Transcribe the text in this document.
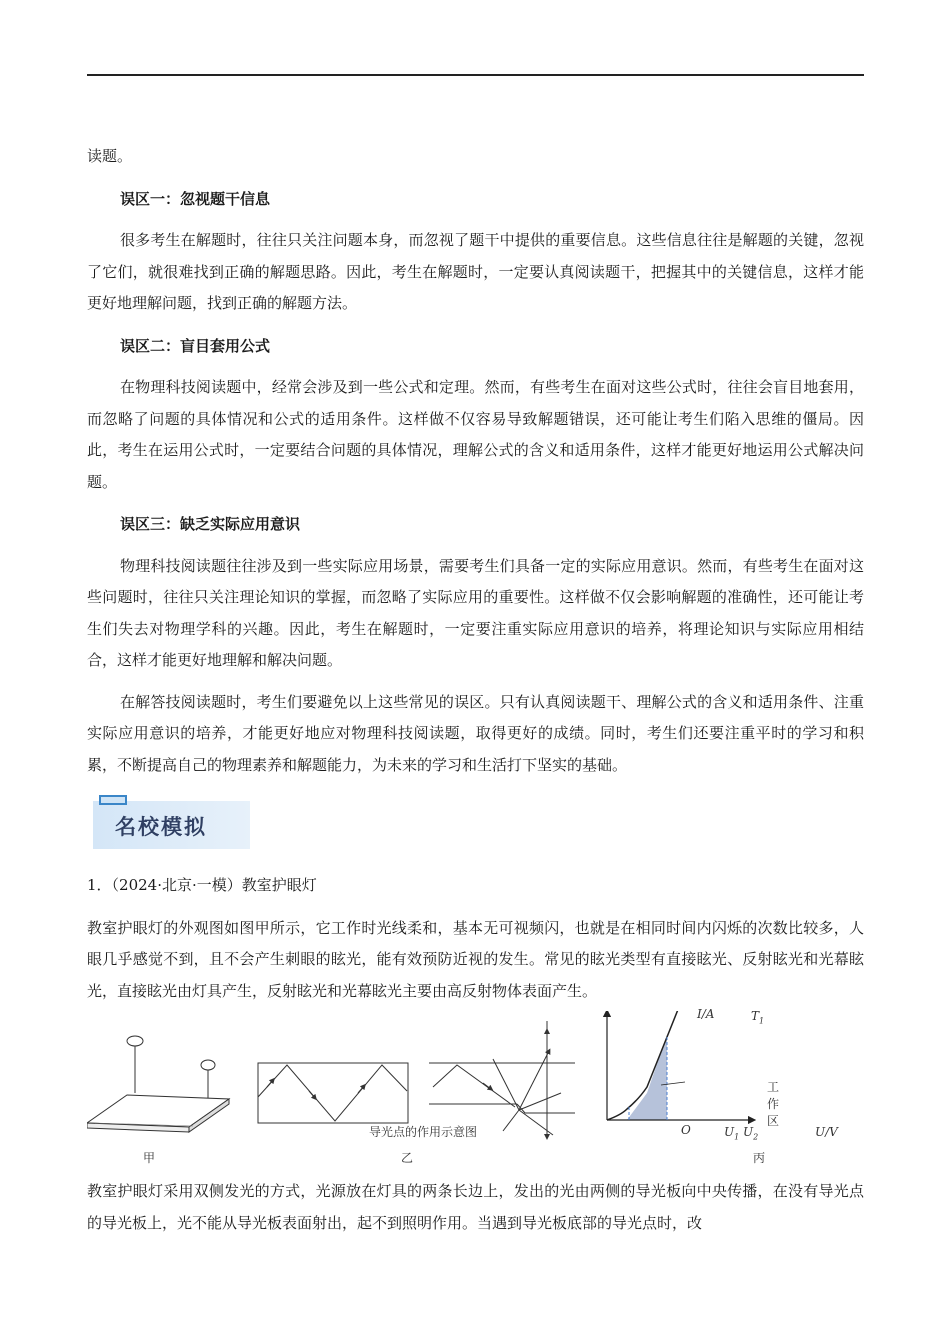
读题。

误区一：忽视题干信息

很多考生在解题时，往往只关注问题本身，而忽视了题干中提供的重要信息。这些信息往往是解题的关键，忽视了它们，就很难找到正确的解题思路。因此，考生在解题时，一定要认真阅读题干，把握其中的关键信息，这样才能更好地理解问题，找到正确的解题方法。

误区二：盲目套用公式

在物理科技阅读题中，经常会涉及到一些公式和定理。然而，有些考生在面对这些公式时，往往会盲目地套用，而忽略了问题的具体情况和公式的适用条件。这样做不仅容易导致解题错误，还可能让考生们陷入思维的僵局。因此，考生在运用公式时，一定要结合问题的具体情况，理解公式的含义和适用条件，这样才能更好地运用公式解决问题。

误区三：缺乏实际应用意识

物理科技阅读题往往涉及到一些实际应用场景，需要考生们具备一定的实际应用意识。然而，有些考生在面对这些问题时，往往只关注理论知识的掌握，而忽略了实际应用的重要性。这样做不仅会影响解题的准确性，还可能让考生们失去对物理学科的兴趣。因此，考生在解题时，一定要注重实际应用意识的培养，将理论知识与实际应用相结合，这样才能更好地理解和解决问题。

在解答技阅读题时，考生们要避免以上这些常见的误区。只有认真阅读题干、理解公式的含义和适用条件、注重实际应用意识的培养，才能更好地应对物理科技阅读题，取得更好的成绩。同时，考生们还要注重平时的学习和积累，不断提高自己的物理素养和解题能力，为未来的学习和生活打下坚实的基础。

名校模拟

1．（2024·北京·一模）教室护眼灯

教室护眼灯的外观图如图甲所示，它工作时光线柔和，基本无可视频闪，也就是在相同时间内闪烁的次数比较多，人眼几乎感觉不到，且不会产生刺眼的眩光，能有效预防近视的发生。常见的眩光类型有直接眩光、反射眩光和光幕眩光，直接眩光由灯具产生，反射眩光和光幕眩光主要由高反射物体表面产生。

甲
导光点的作用示意图
乙
I/A	$T_1$
工作区
O	$U_1$ $U_2$	U/V
丙

教室护眼灯采用双侧发光的方式，光源放在灯具的两条长边上，发出的光由两侧的导光板向中央传播，在没有导光点的导光板上，光不能从导光板表面射出，起不到照明作用。当遇到导光板底部的导光点时，改
